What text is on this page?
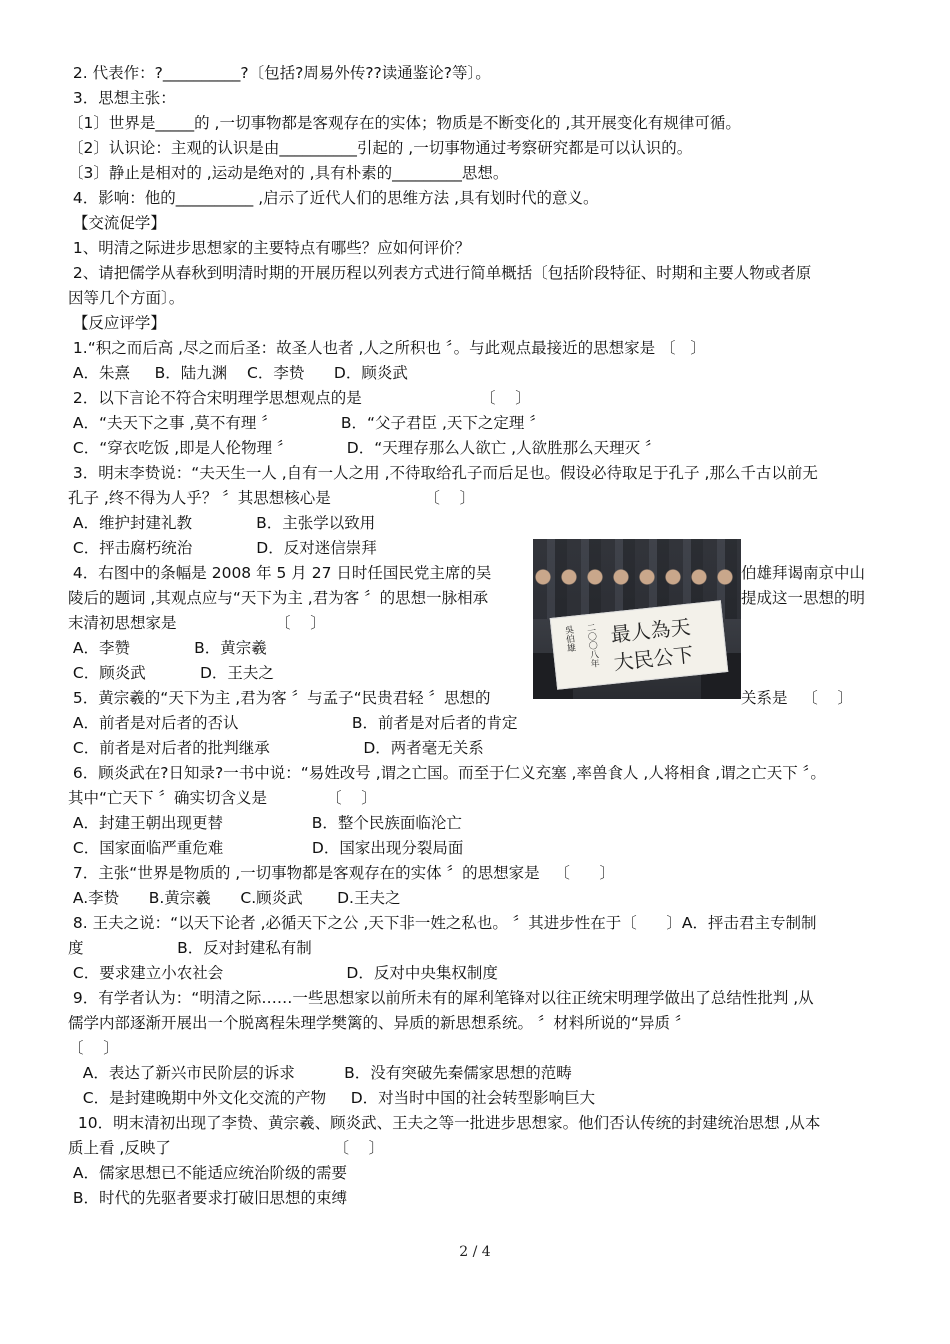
2. 代表作：?__________?〔包括?周易外传??读通鉴论?等〕。
3．思想主张：
〔1〕世界是_____的 ,一切事物都是客观存在的实体；物质是不断变化的 ,其开展变化有规律可循。
〔2〕认识论：主观的认识是由__________引起的 ,一切事物通过考察研究都是可以认识的。
〔3〕静止是相对的 ,运动是绝对的 ,具有朴素的_________思想。
4．影响：他的__________ ,启示了近代人们的思维方法 ,具有划时代的意义。
【交流促学】
1、明清之际进步思想家的主要特点有哪些？应如何评价？
2、请把儒学从春秋到明清时期的开展历程以列表方式进行简单概括〔包括阶段特征、时期和主要人物或者原
因等几个方面〕。
【反应评学】
1.“积之而后高 ,尽之而后圣：故圣人也者 ,人之所积也 〞。与此观点最接近的思想家是 〔   〕
A．朱熹     B．陆九渊    C．李贽      D．顾炎武
2．以下言论不符合宋明理学思想观点的是                        〔    〕
A．“夫天下之事 ,莫不有理 〞             B．“父子君臣 ,天下之定理 〞
C．“穿衣吃饭 ,即是人伦物理 〞           D．“天理存那么人欲亡 ,人欲胜那么天理灭 〞
3．明末李贽说：“夫天生一人 ,自有一人之用 ,不待取给孔子而后足也。假设必待取足于孔子 ,那么千古以前无
孔子 ,终不得为人乎？ 〞其思想核心是                   〔    〕
A．维护封建礼教             B．主张学以致用
C．抨击腐朽统治             D．反对迷信崇拜
4．右图中的条幅是 2008 年 5 月 27 日时任国民党主席的吴	伯雄拜谒南京中山
陵后的题词 ,其观点应与“天下为主 ,君为客 〞的思想一脉相承	提成这一思想的明
末清初思想家是                    〔    〕
A．李赞             B．黄宗羲
C．顾炎武           D．王夫之
5．黄宗羲的“天下为主 ,君为客 〞与孟子“民贵君轻 〞思想的	关系是   〔    〕
A．前者是对后者的否认                       B．前者是对后者的肯定
C．前者是对后者的批判继承                   D．两者毫无关系
6．顾炎武在?日知录?一书中说：“易姓改号 ,谓之亡国。而至于仁义充塞 ,率兽食人 ,人将相食 ,谓之亡天下 〞。
其中“亡天下 〞确实切含义是            〔    〕
A．封建王朝出现更替                  B．整个民族面临沦亡
C．国家面临严重危难                  D．国家出现分裂局面
7．主张“世界是物质的 ,一切事物都是客观存在的实体 〞的思想家是   〔      〕
A.李贽      B.黄宗羲      C.顾炎武       D.王夫之
8. 王夫之说：“以天下论者 ,必循天下之公 ,天下非一姓之私也。 〞其进步性在于〔      〕A．抨击君主专制制
度                   B．反对封建私有制
C．要求建立小农社会                         D．反对中央集权制度
9．有学者认为：“明清之际……一些思想家以前所未有的犀利笔锋对以往正统宋明理学做出了总结性批判 ,从
儒学内部逐渐开展出一个脱离程朱理学樊篱的、异质的新思想系统。 〞材料所说的“异质 〞
〔    〕
A．表达了新兴市民阶层的诉求          B．没有突破先秦儒家思想的范畴
C．是封建晚期中外文化交流的产物     D．对当时中国的社会转型影响巨大
10．明末清初出现了李贽、黄宗羲、顾炎武、王夫之等一批进步思想家。他们否认传统的封建统治思想 ,从本
质上看 ,反映了                                 〔    〕
A．儒家思想已不能适应统治阶级的需要
B．时代的先驱者要求打破旧思想的束缚
最人為天
大民公下
吳伯雄 二〇〇八年
2 / 4
